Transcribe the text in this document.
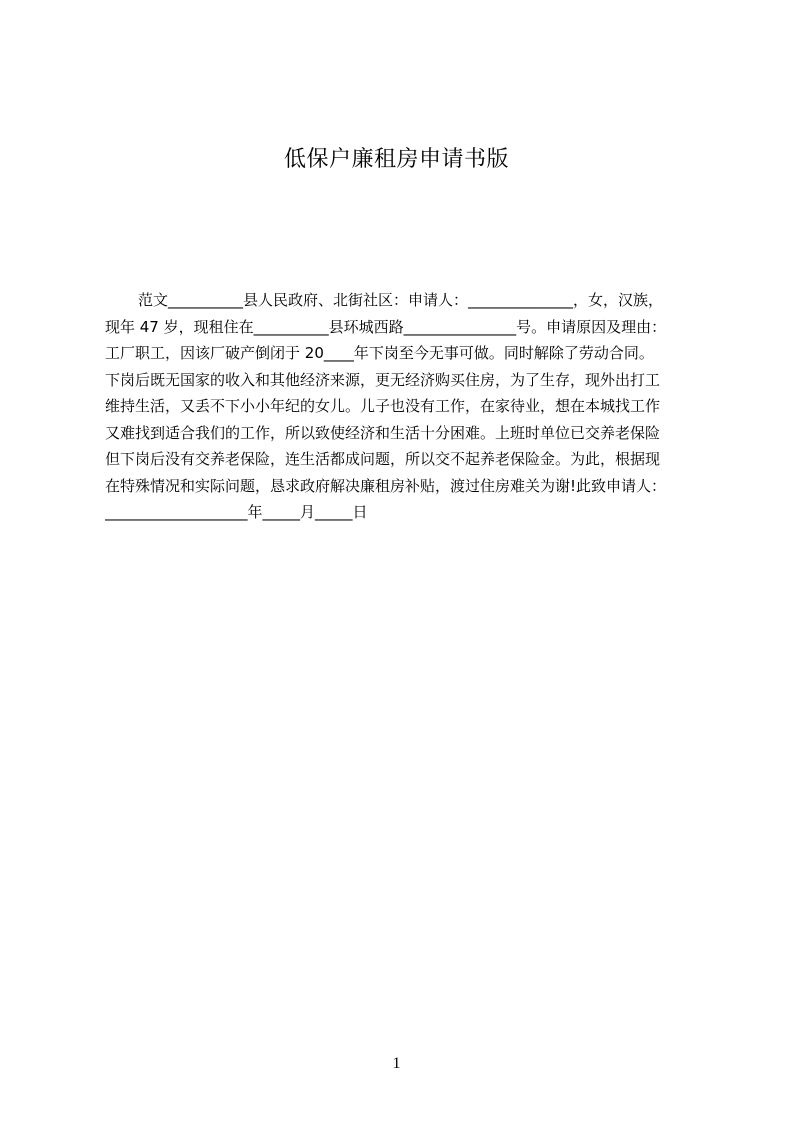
低保户廉租房申请书版
范文__________县人民政府、北街社区：申请人：______________，女，汉族，
现年 47 岁，现租住在__________县环城西路_______________号。申请原因及理由：
工厂职工，因该厂破产倒闭于 20____年下岗至今无事可做。同时解除了劳动合同。
下岗后既无国家的收入和其他经济来源，更无经济购买住房，为了生存，现外出打工
维持生活，又丢不下小小年纪的女儿。儿子也没有工作，在家待业，想在本城找工作
又难找到适合我们的工作，所以致使经济和生活十分困难。上班时单位已交养老保险
但下岗后没有交养老保险，连生活都成问题，所以交不起养老保险金。为此，根据现
在特殊情况和实际问题，恳求政府解决廉租房补贴，渡过住房难关为谢!此致申请人：
___________________年_____月_____日
1
